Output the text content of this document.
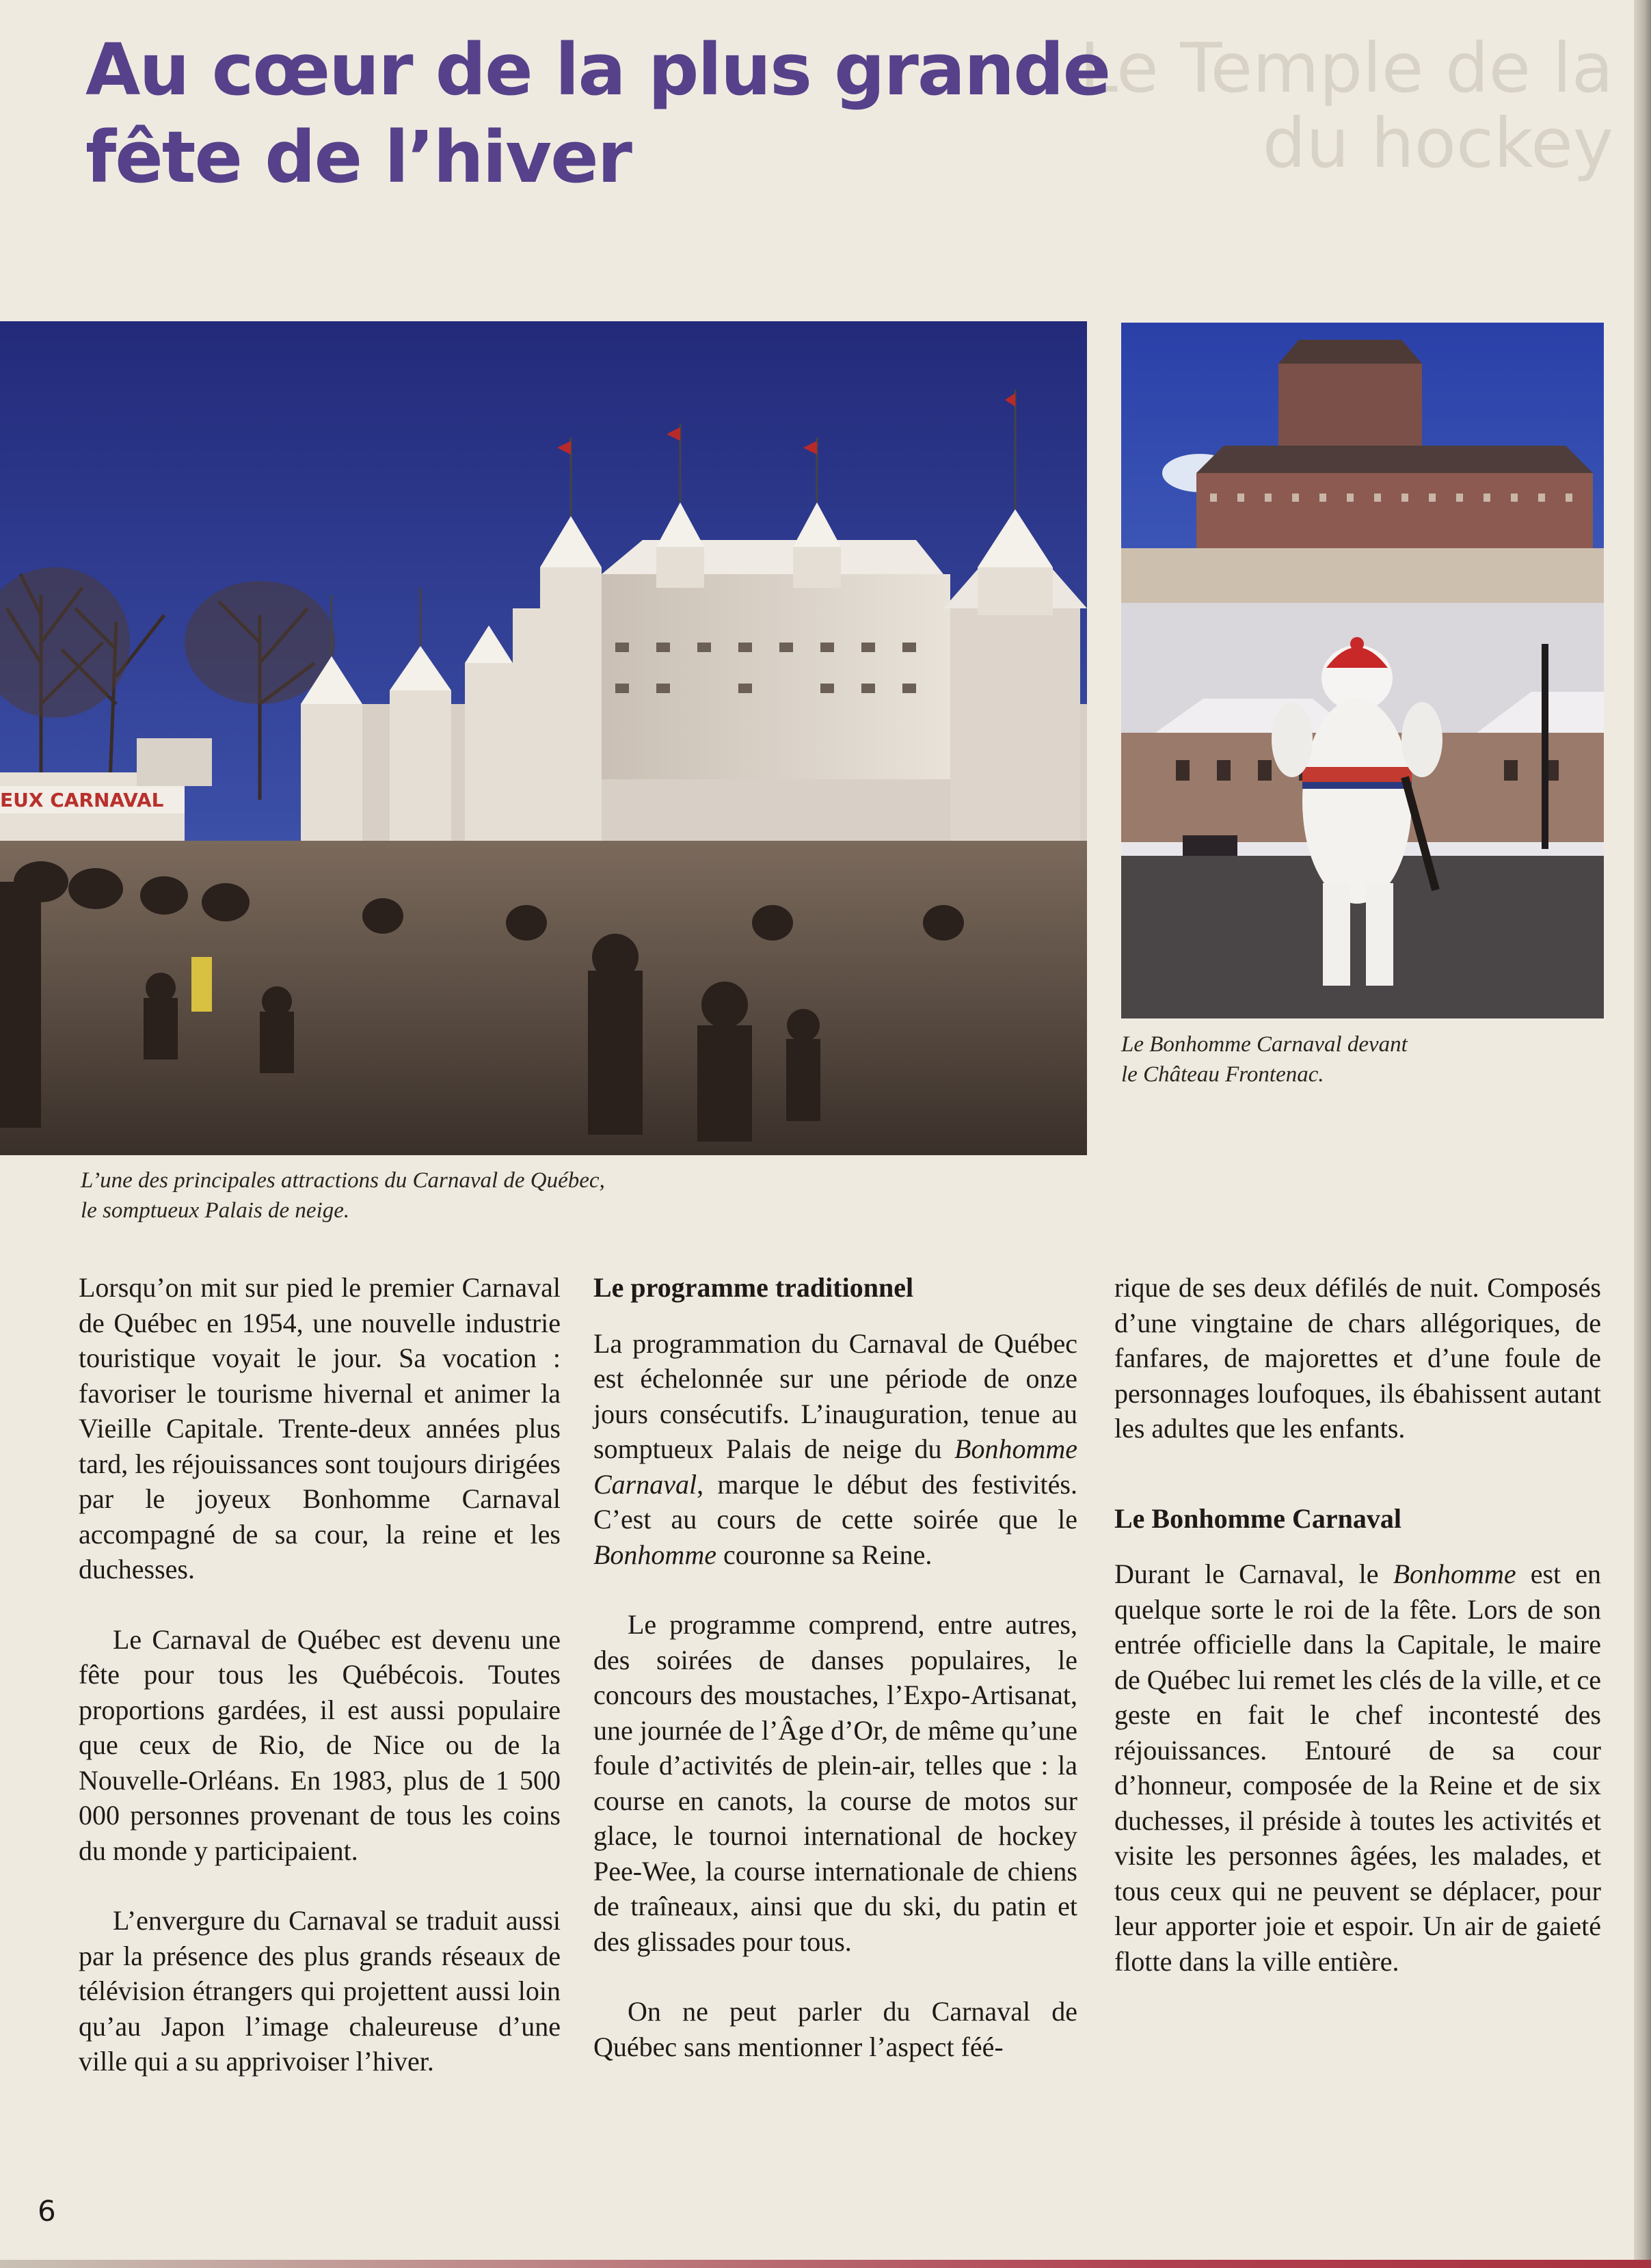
Le Temple de la
du hockey
Au cœur de la plus grande
fête de l’hiver
EUX CARNAVAL
L’une des principales attractions du Carnaval de Québec,
le somptueux Palais de neige.
Le Bonhomme Carnaval devant
le Château Frontenac.

Lorsqu’on mit sur pied le premier Carnaval de Québec en 1954, une nouvelle industrie touristique voyait le jour. Sa vocation : favoriser le tourisme hivernal et animer la Vieille Capitale. Trente-deux années plus tard, les réjouissances sont toujours dirigées par le joyeux Bonhomme Carnaval accompagné de sa cour, la reine et les duchesses.

Le Carnaval de Québec est devenu une fête pour tous les Québécois. Toutes proportions gardées, il est aussi populaire que ceux de Rio, de Nice ou de la Nouvelle-Orléans. En 1983, plus de 1 500 000 personnes provenant de tous les coins du monde y participaient.

L’envergure du Carnaval se traduit aussi par la présence des plus grands réseaux de télévision étrangers qui projettent aussi loin qu’au Japon l’image chaleureuse d’une ville qui a su apprivoiser l’hiver.

Le programme traditionnel

La programmation du Carnaval de Québec est échelonnée sur une période de onze jours consécutifs. L’inauguration, tenue au somptueux Palais de neige du Bonhomme Carnaval, marque le début des festivités. C’est au cours de cette soirée que le Bonhomme couronne sa Reine.

Le programme comprend, entre autres, des soirées de danses populaires, le concours des moustaches, l’Expo-Artisanat, une journée de l’Âge d’Or, de même qu’une foule d’activités de plein-air, telles que : la course en canots, la course de motos sur glace, le tournoi international de hockey Pee-Wee, la course internationale de chiens de traîneaux, ainsi que du ski, du patin et des glissades pour tous.

On ne peut parler du Carnaval de Québec sans mentionner l’aspect féé-

rique de ses deux défilés de nuit. Composés d’une vingtaine de chars allégoriques, de fanfares, de majorettes et d’une foule de personnages loufoques, ils ébahissent autant les adultes que les enfants.

Le Bonhomme Carnaval

Durant le Carnaval, le Bonhomme est en quelque sorte le roi de la fête. Lors de son entrée officielle dans la Capitale, le maire de Québec lui remet les clés de la ville, et ce geste en fait le chef incontesté des réjouissances. Entouré de sa cour d’honneur, composée de la Reine et de six duchesses, il préside à toutes les activités et visite les personnes âgées, les malades, et tous ceux qui ne peuvent se déplacer, pour leur apporter joie et espoir. Un air de gaieté flotte dans la ville entière.

6
